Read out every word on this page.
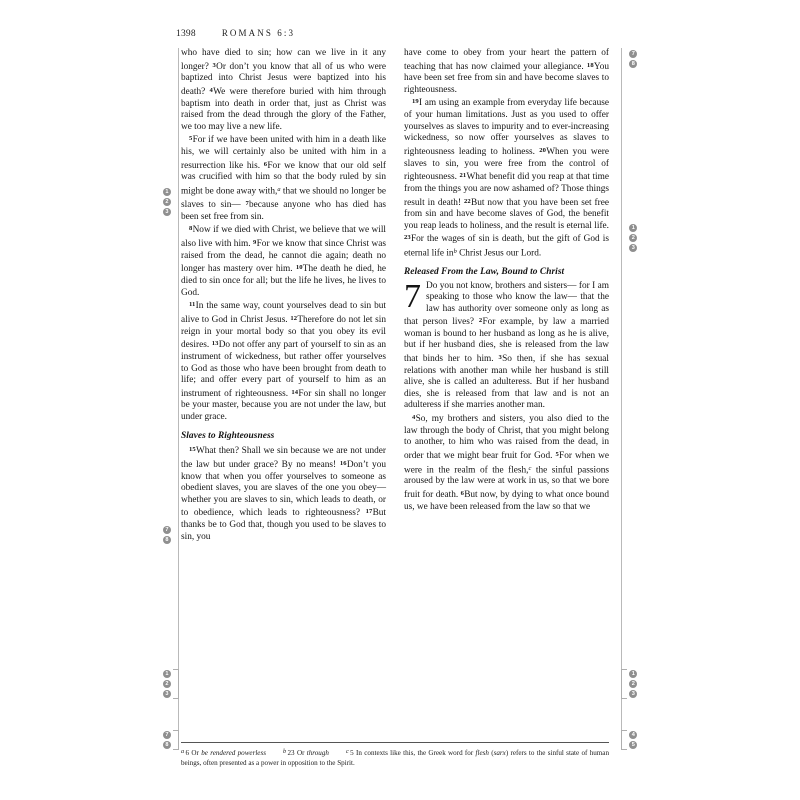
1398	ROMANS 6:3
1
2
3
7
8
1
2
3
7
8
7
8
1
2
3
1
2
3
4
5

who have died to sin; how can we live in it any longer? $^3$Or don’t you know that all of us who were baptized into Christ Jesus were baptized into his death? $^4$We were therefore buried with him through baptism into death in order that, just as Christ was raised from the dead through the glory of the Father, we too may live a new life.

$^5$For if we have been united with him in a death like his, we will certainly also be united with him in a resurrection like his. $^6$For we know that our old self was crucified with him so that the body ruled by sin might be done away with,$^a$ that we should no longer be slaves to sin— $^7$because anyone who has died has been set free from sin.

$^8$Now if we died with Christ, we believe that we will also live with him. $^9$For we know that since Christ was raised from the dead, he cannot die again; death no longer has mastery over him. $^{10}$The death he died, he died to sin once for all; but the life he lives, he lives to God.

$^{11}$In the same way, count yourselves dead to sin but alive to God in Christ Jesus. $^{12}$Therefore do not let sin reign in your mortal body so that you obey its evil desires. $^{13}$Do not offer any part of yourself to sin as an instrument of wickedness, but rather offer yourselves to God as those who have been brought from death to life; and offer every part of yourself to him as an instrument of righteousness. $^{14}$For sin shall no longer be your master, because you are not under the law, but under grace.

Slaves to Righteousness

$^{15}$What then? Shall we sin because we are not under the law but under grace? By no means! $^{16}$Don’t you know that when you offer yourselves to someone as obedient slaves, you are slaves of the one you obey—whether you are slaves to sin, which leads to death, or to obedience, which leads to righteousness? $^{17}$But thanks be to God that, though you used to be slaves to sin, you

have come to obey from your heart the pattern of teaching that has now claimed your allegiance. $^{18}$You have been set free from sin and have become slaves to righteousness.

$^{19}$I am using an example from everyday life because of your human limitations. Just as you used to offer yourselves as slaves to impurity and to ever-increasing wickedness, so now offer yourselves as slaves to righteousness leading to holiness. $^{20}$When you were slaves to sin, you were free from the control of righteousness. $^{21}$What benefit did you reap at that time from the things you are now ashamed of? Those things result in death! $^{22}$But now that you have been set free from sin and have become slaves of God, the benefit you reap leads to holiness, and the result is eternal life. $^{23}$For the wages of sin is death, but the gift of God is eternal life in$^b$ Christ Jesus our Lord.

Released From the Law, Bound to Christ

7 Do you not know, brothers and sisters— for I am speaking to those who know the law— that the law has authority over someone only as long as that person lives? $^2$For example, by law a married woman is bound to her husband as long as he is alive, but if her husband dies, she is released from the law that binds her to him. $^3$So then, if she has sexual relations with another man while her husband is still alive, she is called an adulteress. But if her husband dies, she is released from that law and is not an adulteress if she marries another man.

$^4$So, my brothers and sisters, you also died to the law through the body of Christ, that you might belong to another, to him who was raised from the dead, in order that we might bear fruit for God. $^5$For when we were in the realm of the flesh,$^c$ the sinful passions aroused by the law were at work in us, so that we bore fruit for death. $^6$But now, by dying to what once bound us, we have been released from the law so that we

a6 Or be rendered powerless	b23 Or through	c5 In contexts like this, the Greek word for flesh (sarx) refers to the sinful state of human beings, often presented as a power in opposition to the Spirit.
